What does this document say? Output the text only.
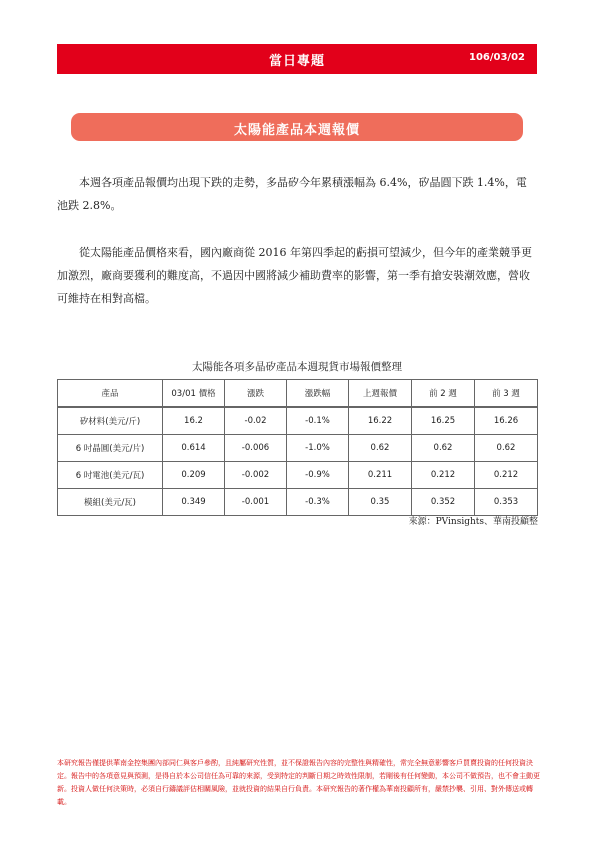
當日專題	106/03/02
太陽能產品本週報價

本週各項產品報價均出現下跌的走勢，多晶矽今年累積漲幅為 6.4%，矽晶圓下跌 1.4%，電池跌 2.8%。

從太陽能產品價格來看，國內廠商從 2016 年第四季起的虧損可望減少，但今年的產業競爭更加激烈，廠商要獲利的難度高，不過因中國將減少補助費率的影響，第一季有搶安裝潮效應，營收可維持在相對高檔。

太陽能各項多晶矽產品本週現貨市場報價整理
產品	03/01 價格	漲跌	漲跌幅	上週報價	前 2 週	前 3 週
矽材料(美元/斤)	16.2	-0.02	-0.1%	16.22	16.25	16.26
6 吋晶圓(美元/片)	0.614	-0.006	-1.0%	0.62	0.62	0.62
6 吋電池(美元/瓦)	0.209	-0.002	-0.9%	0.211	0.212	0.212
模組(美元/瓦)	0.349	-0.001	-0.3%	0.35	0.352	0.353
來源：PVinsights、華南投顧整

本研究報告僅提供華南金控集團內部同仁與客戶參酌，且純屬研究性質，並不保證報告內容的完整性與精確性，常完全無意影響客戶買賣投資的任何投資決定。報告中的各項意見與預測，是得自於本公司信任為可靠的來源，受到特定的判斷日期之時效性限制，若剛後有任何變動，本公司不做預告，也不會主動更新。投資人做任何決策時，必須自行鑄議評估相關風險，並就投資的結果自行負責。本研究報告的著作權為華南投顧所有，嚴禁抄襲、引用、對外傳送或轉載。
